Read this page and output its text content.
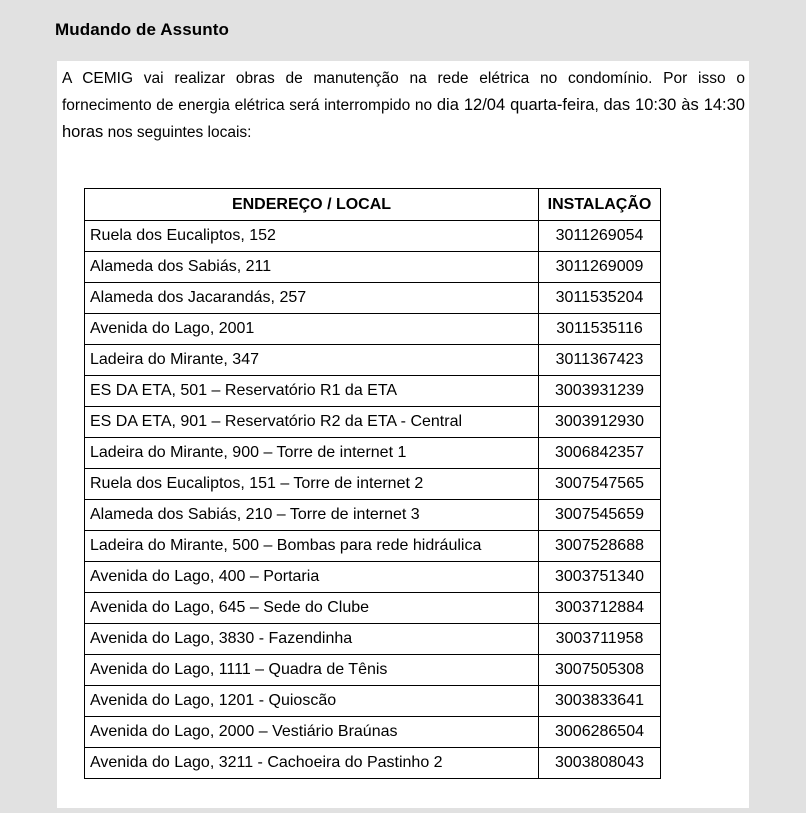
Mudando de Assunto

A CEMIG vai realizar obras de manutenção na rede elétrica no condomínio. Por isso o fornecimento de energia elétrica será interrompido no dia 12/04 quarta-feira, das 10:30 às 14:30 horas nos seguintes locais:

ENDEREÇO / LOCAL	INSTALAÇÃO
Ruela dos Eucaliptos, 152	3011269054
Alameda dos Sabiás, 211	3011269009
Alameda dos Jacarandás, 257	3011535204
Avenida do Lago, 2001	3011535116
Ladeira do Mirante, 347	3011367423
ES DA ETA, 501 – Reservatório R1 da ETA	3003931239
ES DA ETA, 901 – Reservatório R2 da ETA - Central	3003912930
Ladeira do Mirante, 900 – Torre de internet 1	3006842357
Ruela dos Eucaliptos, 151 – Torre de internet 2	3007547565
Alameda dos Sabiás, 210 – Torre de internet 3	3007545659
Ladeira do Mirante, 500 – Bombas para rede hidráulica	3007528688
Avenida do Lago, 400 – Portaria	3003751340
Avenida do Lago, 645 – Sede do Clube	3003712884
Avenida do Lago, 3830 - Fazendinha	3003711958
Avenida do Lago, 1111 – Quadra de Tênis	3007505308
Avenida do Lago, 1201 - Quioscão	3003833641
Avenida do Lago, 2000 – Vestiário Braúnas	3006286504
Avenida do Lago, 3211 - Cachoeira do Pastinho 2	3003808043
